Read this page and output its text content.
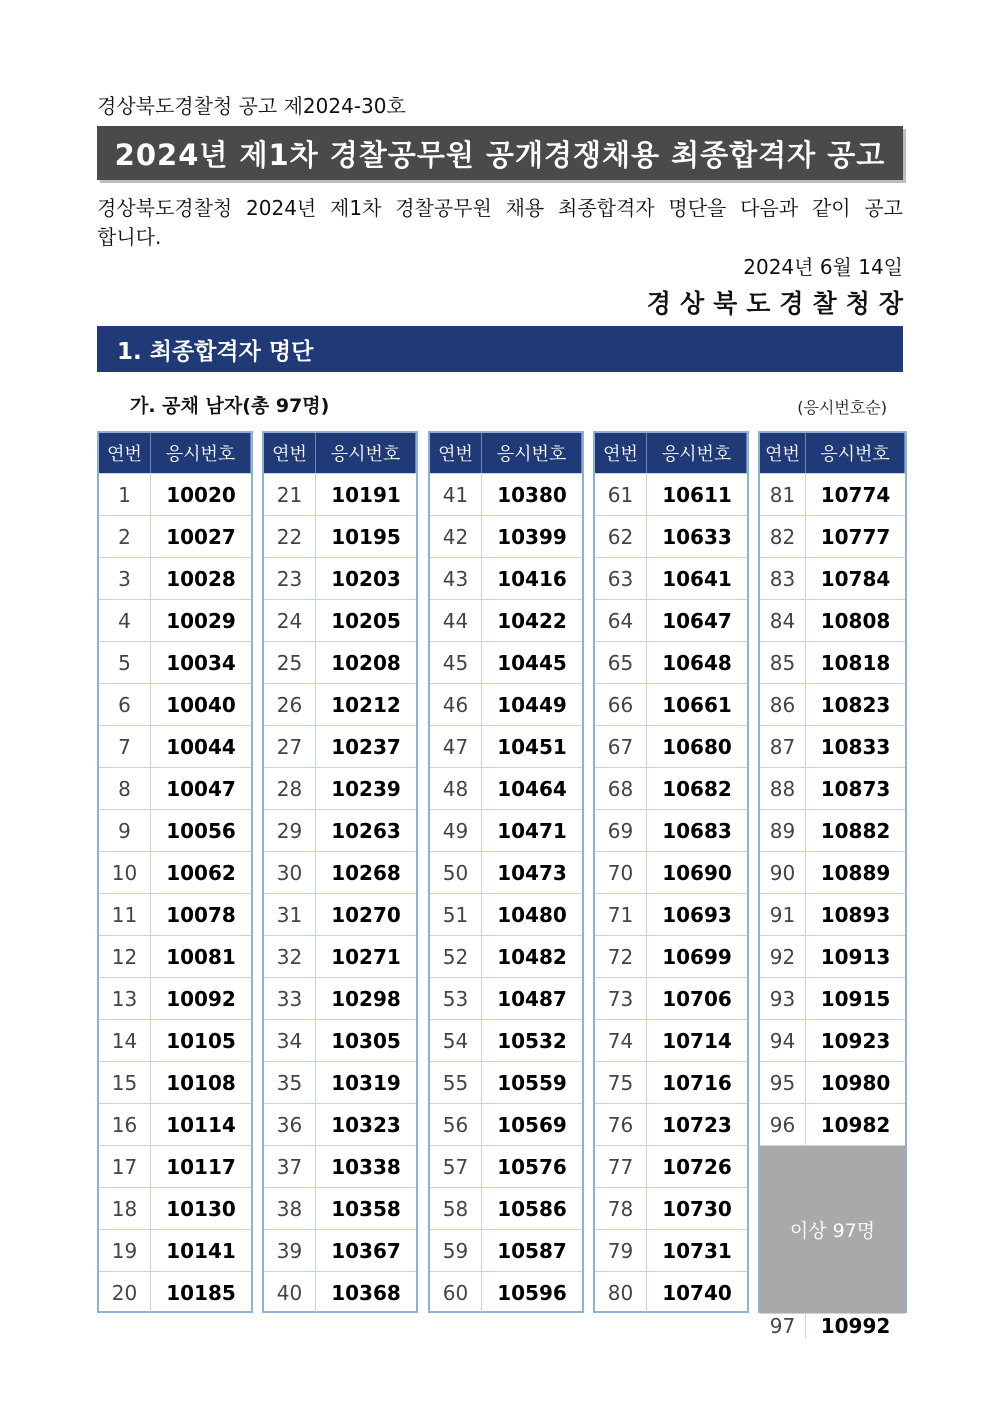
경상북도경찰청 공고 제2024-30호
2024년 제1차 경찰공무원 공개경쟁채용 최종합격자 공고
경상북도경찰청 2024년 제1차 경찰공무원 채용 최종합격자 명단을 다음과 같이 공고합니다.
2024년 6월 14일
경상북도경찰청장
1. 최종합격자 명단
가. 공채 남자(총 97명)	(응시번호순)
연번	응시번호
1	10020
2	10027
3	10028
4	10029
5	10034
6	10040
7	10044
8	10047
9	10056
10	10062
11	10078
12	10081
13	10092
14	10105
15	10108
16	10114
17	10117
18	10130
19	10141
20	10185
연번	응시번호
21	10191
22	10195
23	10203
24	10205
25	10208
26	10212
27	10237
28	10239
29	10263
30	10268
31	10270
32	10271
33	10298
34	10305
35	10319
36	10323
37	10338
38	10358
39	10367
40	10368
연번	응시번호
41	10380
42	10399
43	10416
44	10422
45	10445
46	10449
47	10451
48	10464
49	10471
50	10473
51	10480
52	10482
53	10487
54	10532
55	10559
56	10569
57	10576
58	10586
59	10587
60	10596
연번	응시번호
61	10611
62	10633
63	10641
64	10647
65	10648
66	10661
67	10680
68	10682
69	10683
70	10690
71	10693
72	10699
73	10706
74	10714
75	10716
76	10723
77	10726
78	10730
79	10731
80	10740
연번	응시번호
81	10774
82	10777
83	10784
84	10808
85	10818
86	10823
87	10833
88	10873
89	10882
90	10889
91	10893
92	10913
93	10915
94	10923
95	10980
96	10982
97	10992
이상 97명
